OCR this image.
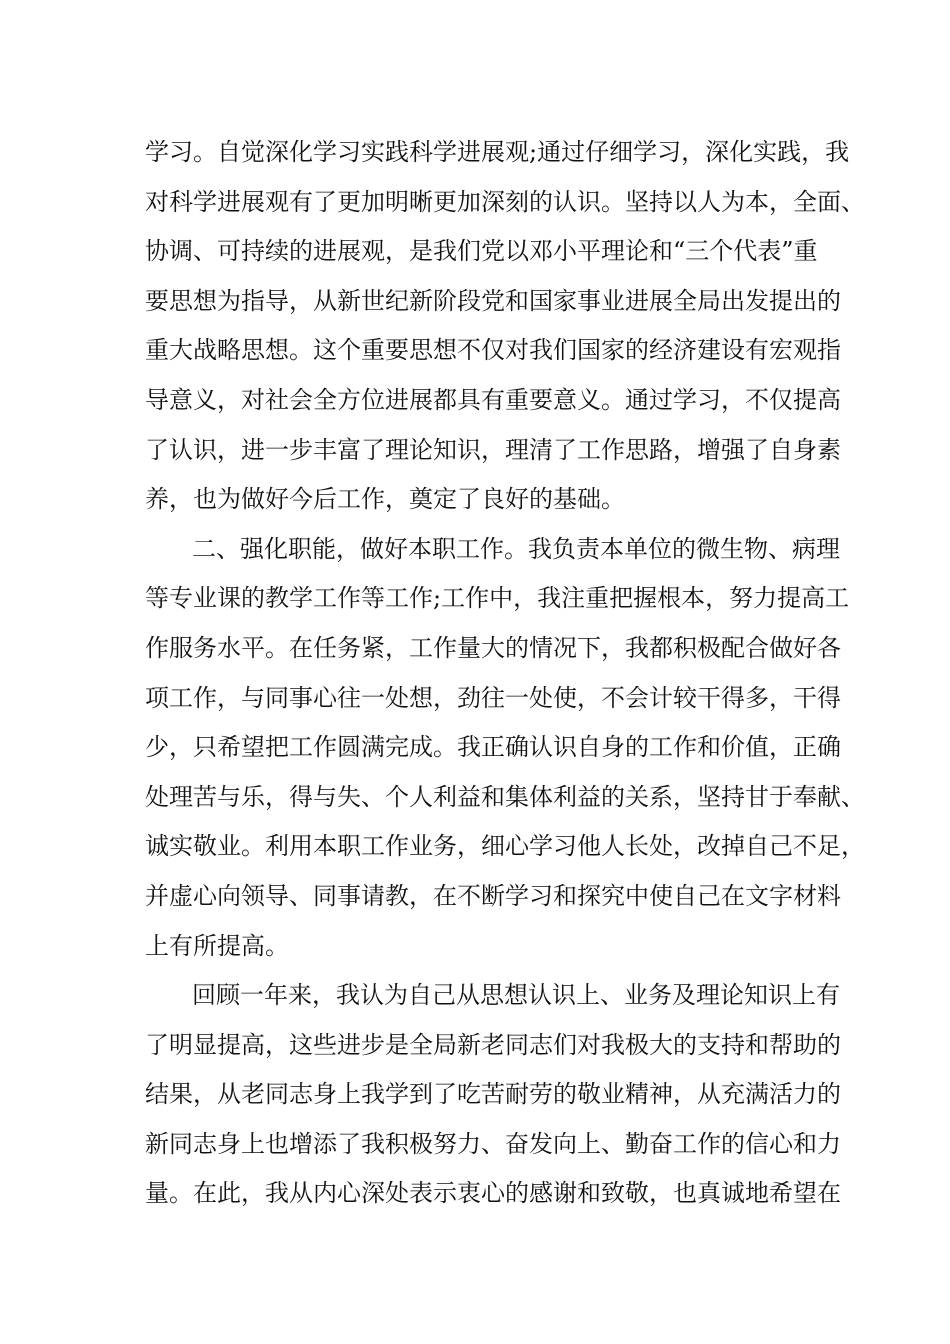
学习。自觉深化学习实践科学进展观;通过仔细学习，深化实践，我
对科学进展观有了更加明晰更加深刻的认识。坚持以人为本，全面、
协调、可持续的进展观，是我们党以邓小平理论和“三个代表”重
要思想为指导，从新世纪新阶段党和国家事业进展全局出发提出的
重大战略思想。这个重要思想不仅对我们国家的经济建设有宏观指
导意义，对社会全方位进展都具有重要意义。通过学习，不仅提高
了认识，进一步丰富了理论知识，理清了工作思路，增强了自身素
养，也为做好今后工作，奠定了良好的基础。
二、强化职能，做好本职工作。我负责本单位的微生物、病理
等专业课的教学工作等工作;工作中，我注重把握根本，努力提高工
作服务水平。在任务紧，工作量大的情况下，我都积极配合做好各
项工作，与同事心往一处想，劲往一处使，不会计较干得多，干得
少，只希望把工作圆满完成。我正确认识自身的工作和价值，正确
处理苦与乐，得与失、个人利益和集体利益的关系，坚持甘于奉献、
诚实敬业。利用本职工作业务，细心学习他人长处，改掉自己不足，
并虚心向领导、同事请教，在不断学习和探究中使自己在文字材料
上有所提高。
回顾一年来，我认为自己从思想认识上、业务及理论知识上有
了明显提高，这些进步是全局新老同志们对我极大的支持和帮助的
结果，从老同志身上我学到了吃苦耐劳的敬业精神，从充满活力的
新同志身上也增添了我积极努力、奋发向上、勤奋工作的信心和力
量。在此，我从内心深处表示衷心的感谢和致敬，也真诚地希望在
